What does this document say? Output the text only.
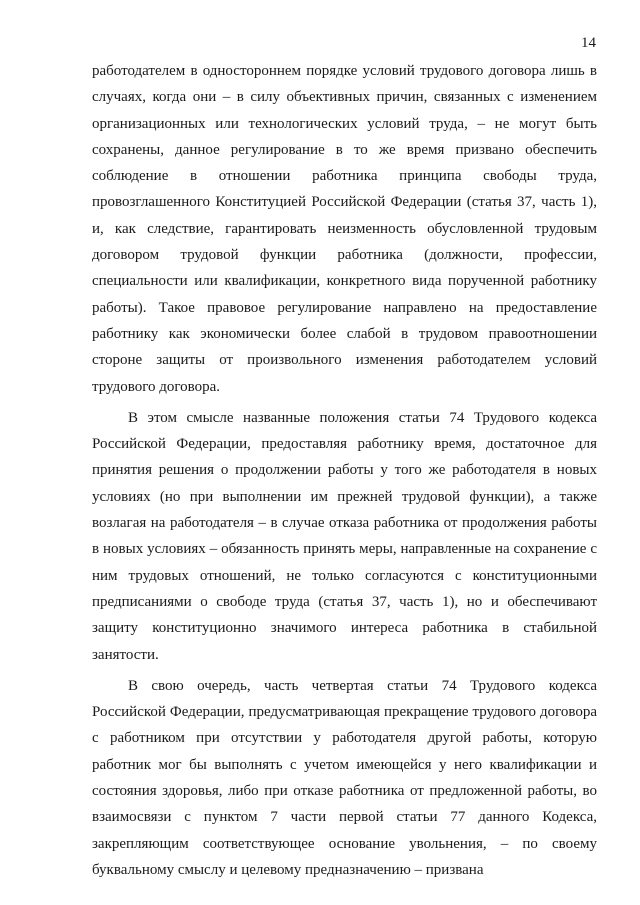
14

работодателем в одностороннем порядке условий трудового договора лишь в случаях, когда они – в силу объективных причин, связанных с изменением организационных или технологических условий труда, – не могут быть сохранены, данное регулирование в то же время призвано обеспечить соблюдение в отношении работника принципа свободы труда, провозглашенного Конституцией Российской Федерации (статья 37, часть 1), и, как следствие, гарантировать неизменность обусловленной трудовым договором трудовой функции работника (должности, профессии, специальности или квалификации, конкретного вида порученной работнику работы). Такое правовое регулирование направлено на предоставление работнику как экономически более слабой в трудовом правоотношении стороне защиты от произвольного изменения работодателем условий трудового договора.

В этом смысле названные положения статьи 74 Трудового кодекса Российской Федерации, предоставляя работнику время, достаточное для принятия решения о продолжении работы у того же работодателя в новых условиях (но при выполнении им прежней трудовой функции), а также возлагая на работодателя – в случае отказа работника от продолжения работы в новых условиях – обязанность принять меры, направленные на сохранение с ним трудовых отношений, не только согласуются с конституционными предписаниями о свободе труда (статья 37, часть 1), но и обеспечивают защиту конституционно значимого интереса работника в стабильной занятости.

В свою очередь, часть четвертая статьи 74 Трудового кодекса Российской Федерации, предусматривающая прекращение трудового договора с работником при отсутствии у работодателя другой работы, которую работник мог бы выполнять с учетом имеющейся у него квалификации и состояния здоровья, либо при отказе работника от предложенной работы, во взаимосвязи с пунктом 7 части первой статьи 77 данного Кодекса, закрепляющим соответствующее основание увольнения, – по своему буквальному смыслу и целевому предназначению – призвана
